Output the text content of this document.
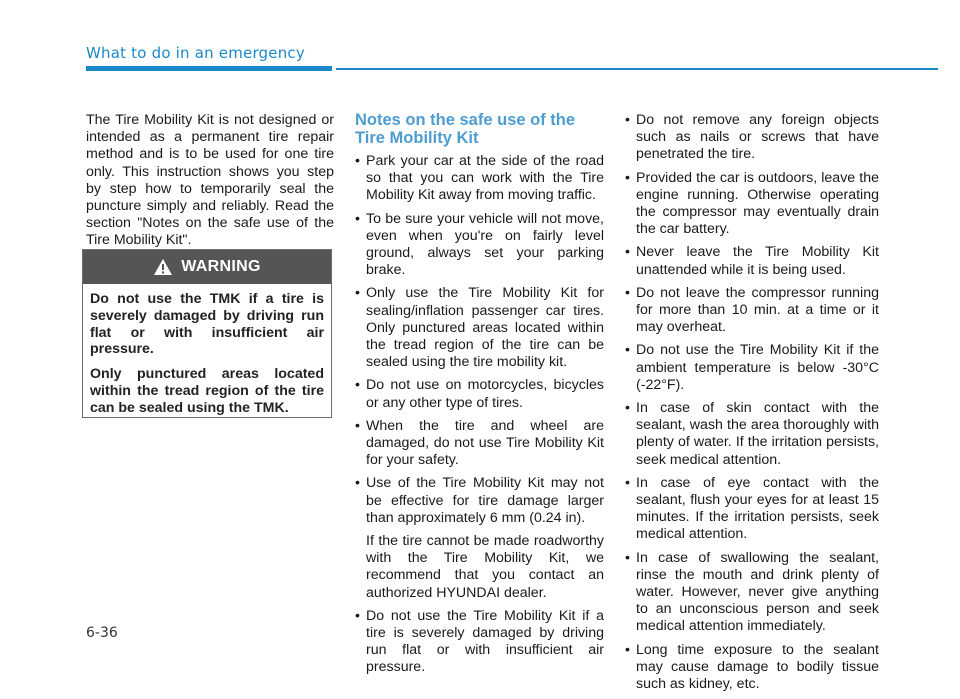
What to do in an emergency

The Tire Mobility Kit is not designed or intended as a permanent tire repair method and is to be used for one tire only. This instruction shows you step by step how to temporarily seal the puncture simply and reliably. Read the section "Notes on the safe use of the Tire Mobility Kit".

WARNING

Do not use the TMK if a tire is severely damaged by driving run flat or with insufficient air pressure.

Only punctured areas located within the tread region of the tire can be sealed using the TMK.

Notes on the safe use of the Tire Mobility Kit
• Park your car at the side of the road so that you can work with the Tire Mobility Kit away from moving traffic.

• To be sure your vehicle will not move, even when you're on fairly level ground, always set your parking brake.

• Only use the Tire Mobility Kit for sealing/inflation passenger car tires. Only punctured areas located within the tread region of the tire can be sealed using the tire mobility kit.

• Do not use on motorcycles, bicycles or any other type of tires.

• When the tire and wheel are damaged, do not use Tire Mobility Kit for your safety.

• Use of the Tire Mobility Kit may not be effective for tire damage larger than approximately 6 mm (0.24 in).

If the tire cannot be made roadworthy with the Tire Mobility Kit, we recommend that you contact an authorized HYUNDAI dealer.

• Do not use the Tire Mobility Kit if a tire is severely damaged by driving run flat or with insufficient air pressure.

• Do not remove any foreign objects such as nails or screws that have penetrated the tire.

• Provided the car is outdoors, leave the engine running. Otherwise operating the compressor may eventually drain the car battery.

• Never leave the Tire Mobility Kit unattended while it is being used.

• Do not leave the compressor running for more than 10 min. at a time or it may overheat.

• Do not use the Tire Mobility Kit if the ambient temperature is below -30°C (-22°F).

• In case of skin contact with the sealant, wash the area thoroughly with plenty of water. If the irritation persists, seek medical attention.

• In case of eye contact with the sealant, flush your eyes for at least 15 minutes. If the irritation persists, seek medical attention.

• In case of swallowing the sealant, rinse the mouth and drink plenty of water. However, never give anything to an unconscious person and seek medical attention immediately.

• Long time exposure to the sealant may cause damage to bodily tissue such as kidney, etc.

6-36
